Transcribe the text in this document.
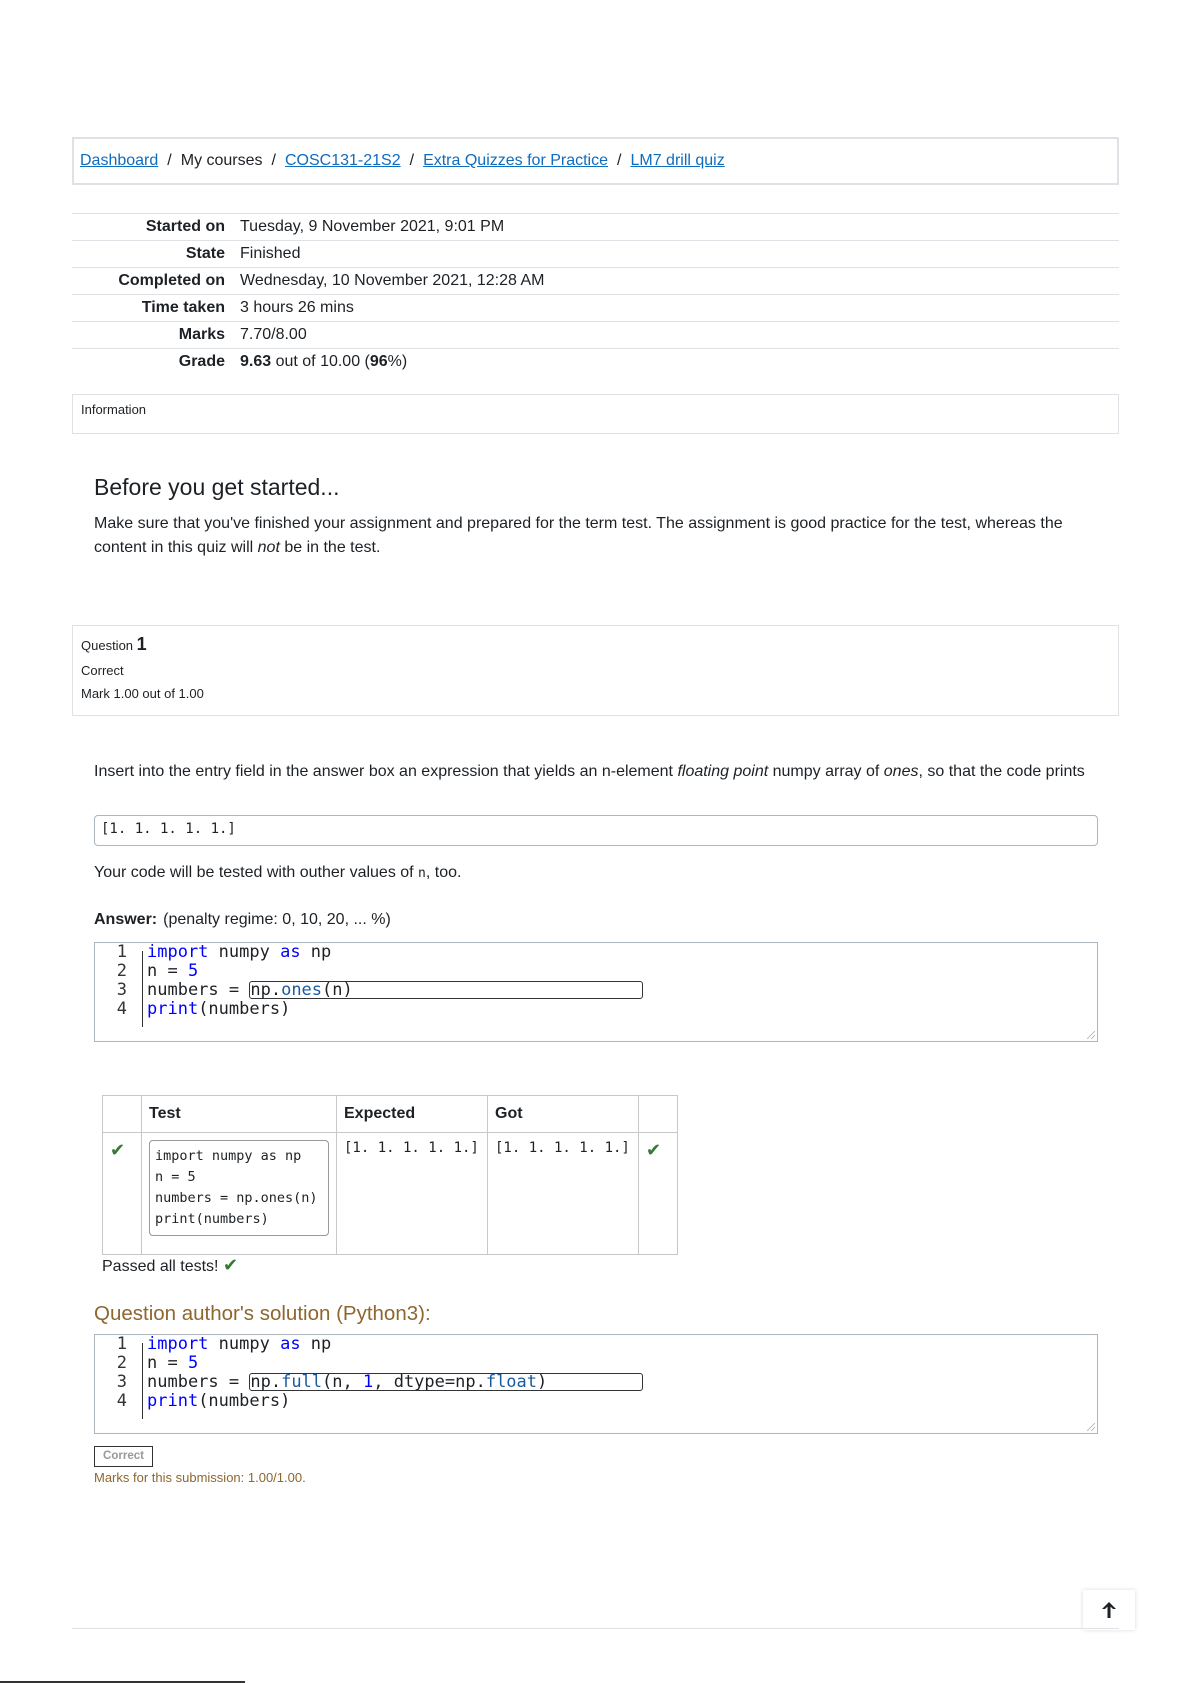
Dashboard / My courses / COSC131-21S2 / Extra Quizzes for Practice / LM7 drill quiz
Started on	Tuesday, 9 November 2021, 9:01 PM
State	Finished
Completed on	Wednesday, 10 November 2021, 12:28 AM
Time taken	3 hours 26 mins
Marks	7.70/8.00
Grade	9.63 out of 10.00 (96%)
Information
Before you get started...

Make sure that you've finished your assignment and prepared for the term test. The assignment is good practice for the test, whereas the content in this quiz will not be in the test.

Question 1
Correct
Mark 1.00 out of 1.00

Insert into the entry field in the answer box an expression that yields an n-element floating point numpy array of ones, so that the code prints

[1. 1. 1. 1. 1.]

Your code will be tested with outher values of n, too.

Answer: (penalty regime: 0, 10, 20, ... %)
1 import numpy as np
2 n = 5
3 numbers = np.ones(n)
4 print(numbers)
	Test	Expected	Got	
✔	import numpy as np
n = 5
numbers = np.ones(n)
print(numbers)	[1. 1. 1. 1. 1.]	[1. 1. 1. 1. 1.]	✔
Passed all tests! ✔
Question author's solution (Python3):
1 import numpy as np
2 n = 5
3 numbers = np.full(n, 1, dtype=np.float)
4 print(numbers)
Correct
Marks for this submission: 1.00/1.00.
